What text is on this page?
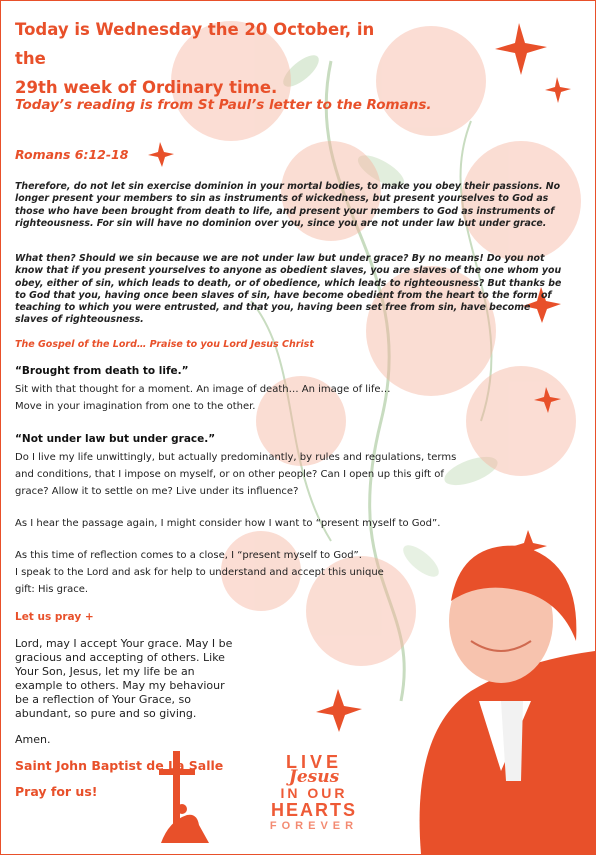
Today is Wednesday the 20 October, in the
29th week of Ordinary time.
Today’s reading is from St Paul’s letter to the Romans.
Romans 6:12-18
Therefore, do not let sin exercise dominion in your mortal bodies, to make you obey their passions. No longer present your members to sin as instruments of wickedness, but present yourselves to God as those who have been brought from death to life, and present your members to God as instruments of righteousness. For sin will have no dominion over you, since you are not under law but under grace.
What then? Should we sin because we are not under law but under grace? By no means! Do you not know that if you present yourselves to anyone as obedient slaves, you are slaves of the one whom you obey, either of sin, which leads to death, or of obedience, which leads to righteousness? But thanks be to God that you, having once been slaves of sin, have become obedient from the heart to the form of teaching to which you were entrusted, and that you, having been set free from sin, have become slaves of righteousness.
The Gospel of the Lord… Praise to you Lord Jesus Christ
“Brought from death to life.”
Sit with that thought for a moment. An image of death… An image of life…
Move in your imagination from one to the other.
“Not under law but under grace.”
Do I live my life unwittingly, but actually predominantly, by rules and regulations, terms
and conditions, that I impose on myself, or on other people? Can I open up this gift of
grace? Allow it to settle on me? Live under its influence?
As I hear the passage again, I might consider how I want to “present myself to God”.
As this time of reflection comes to a close, I “present myself to God”.
I speak to the Lord and ask for help to understand and accept this unique
gift: His grace.
Let us pray +
Lord, may I accept Your grace. May I be
gracious and accepting of others. Like
Your Son, Jesus, let my life be an
example to others. May my behaviour
be a reflection of Your Grace, so
abundant, so pure and so giving.
Amen.
Saint John Baptist de La Salle
Pray for us!
LIVE
Jesus
IN OUR
HEARTS
FOREVER
